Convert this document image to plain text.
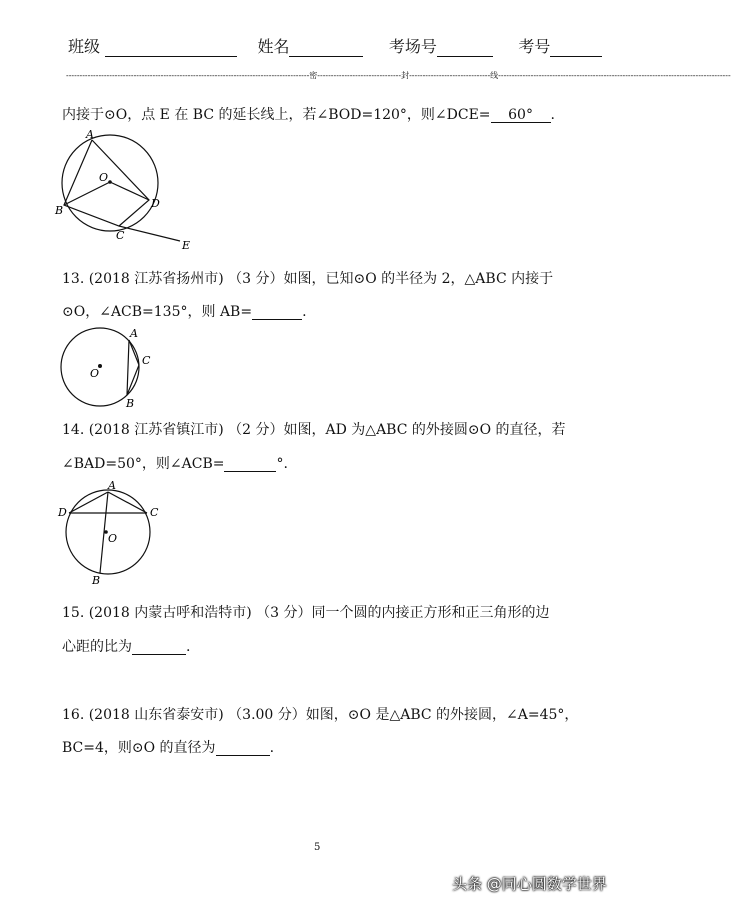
班级	姓名	考场号	考号
------------------------------------------------------------------------------------------密-------------------------------封------------------------------线--------------------------------------------------------------------------------------
内接于⊙O，点 E 在 BC 的延长线上，若∠BOD=120°，则∠DCE= 60° .
A
O
B
C
D
E
13. (2018 江苏省扬州市) （3 分）如图，已知⊙O 的半径为 2，△ABC 内接于
⊙O，∠ACB=135°，则 AB=	.
A
C
O
B
14. (2018 江苏省镇江市) （2 分）如图，AD 为△ABC 的外接圆⊙O 的直径，若
∠BAD=50°，则∠ACB=	°.
A
D	C
O
B
15. (2018 内蒙古呼和浩特市) （3 分）同一个圆的内接正方形和正三角形的边
心距的比为	.
16. (2018 山东省泰安市) （3.00 分）如图，⊙O 是△ABC 的外接圆，∠A=45°，
BC=4，则⊙O 的直径为	.
5
头条 @同心圆数学世界
